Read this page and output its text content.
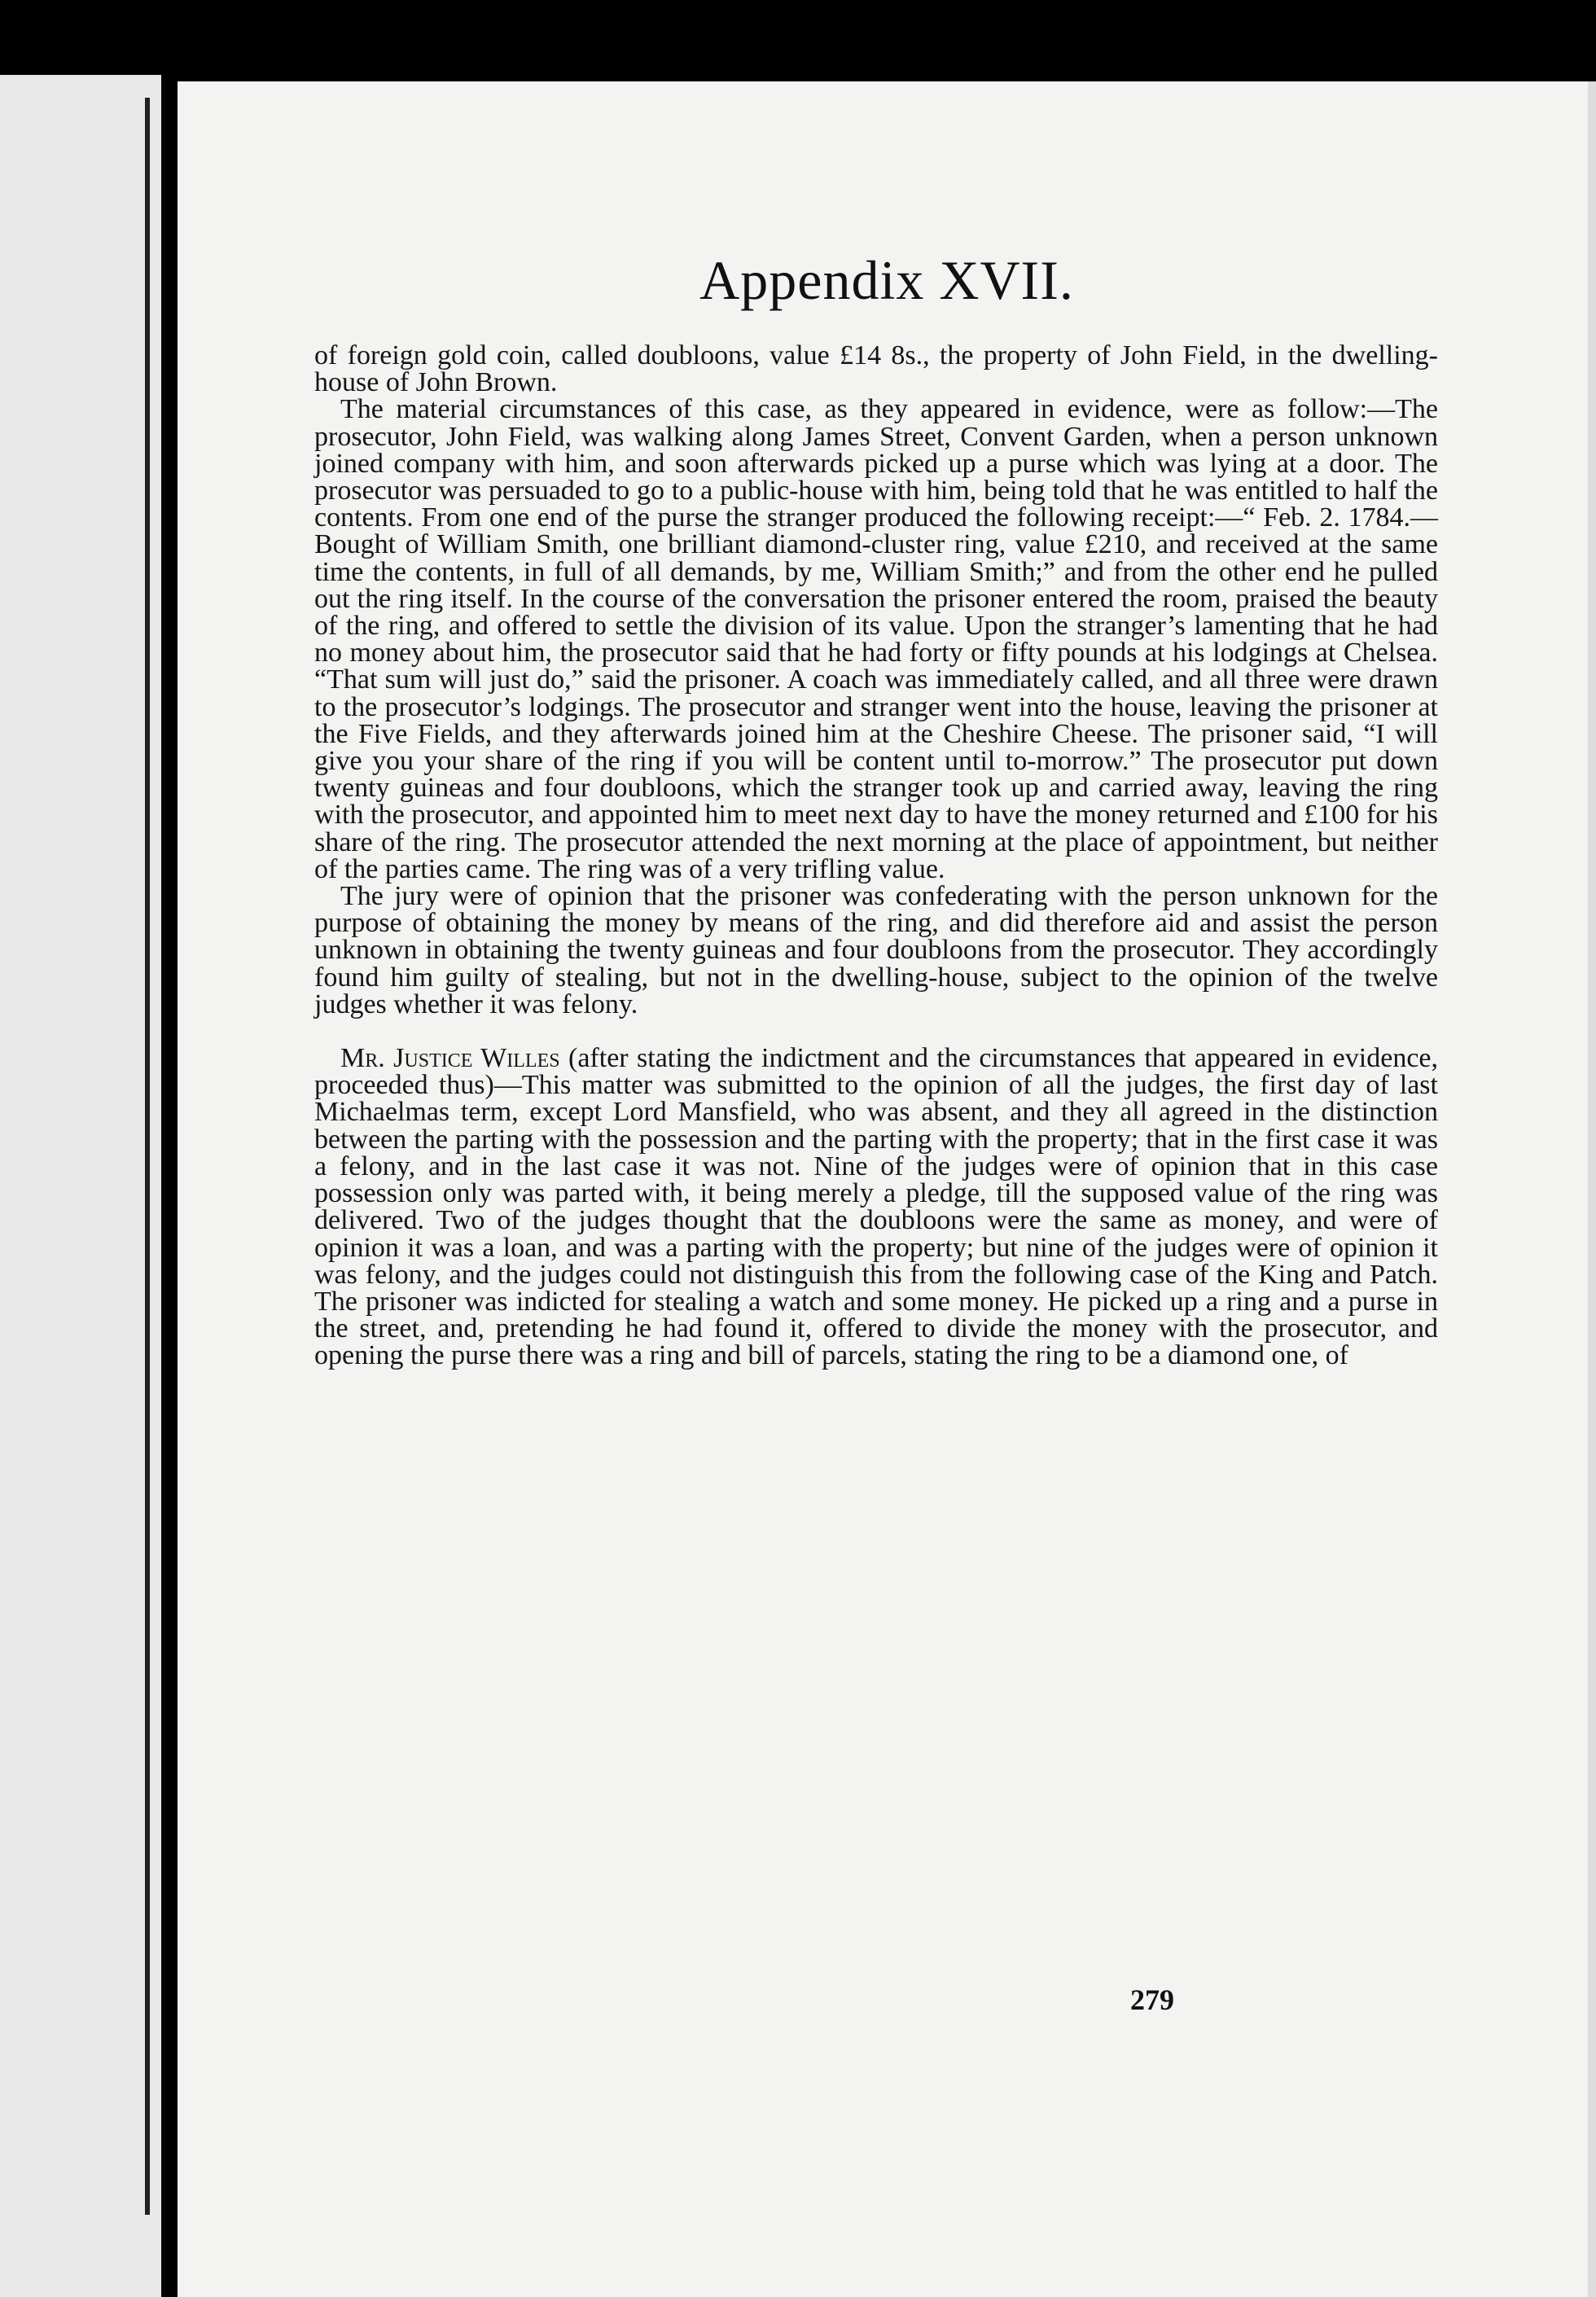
Appendix XVII.

of foreign gold coin, called doubloons, value £14 8s., the property of John Field, in the dwelling-house of John Brown.

The material circumstances of this case, as they appeared in evidence, were as follow:—The prosecutor, John Field, was walking along James Street, Convent Garden, when a person unknown joined company with him, and soon afterwards picked up a purse which was lying at a door. The prosecutor was persuaded to go to a public-house with him, being told that he was entitled to half the contents. From one end of the purse the stranger produced the following receipt:—“ Feb. 2. 1784.—Bought of William Smith, one brilliant diamond-cluster ring, value £210, and received at the same time the contents, in full of all demands, by me, William Smith;” and from the other end he pulled out the ring itself. In the course of the conversation the prisoner entered the room, praised the beauty of the ring, and offered to settle the division of its value. Upon the stranger’s lamenting that he had no money about him, the prosecutor said that he had forty or fifty pounds at his lodgings at Chelsea. “That sum will just do,” said the prisoner. A coach was immediately called, and all three were drawn to the prosecutor’s lodgings. The prosecutor and stranger went into the house, leaving the prisoner at the Five Fields, and they afterwards joined him at the Cheshire Cheese. The prisoner said, “I will give you your share of the ring if you will be content until to-morrow.” The prosecutor put down twenty guineas and four doubloons, which the stranger took up and carried away, leaving the ring with the prosecutor, and appointed him to meet next day to have the money returned and £100 for his share of the ring. The prosecutor attended the next morning at the place of appointment, but neither of the parties came. The ring was of a very trifling value.

The jury were of opinion that the prisoner was confederating with the person unknown for the purpose of obtaining the money by means of the ring, and did therefore aid and assist the person unknown in obtaining the twenty guineas and four doubloons from the prosecutor. They accordingly found him guilty of stealing, but not in the dwelling-house, subject to the opinion of the twelve judges whether it was felony.

Mr. Justice Willes (after stating the indictment and the circumstances that appeared in evidence, proceeded thus)—This matter was submitted to the opinion of all the judges, the first day of last Michaelmas term, except Lord Mansfield, who was absent, and they all agreed in the distinction between the parting with the possession and the parting with the property; that in the first case it was a felony, and in the last case it was not. Nine of the judges were of opinion that in this case possession only was parted with, it being merely a pledge, till the supposed value of the ring was delivered. Two of the judges thought that the doubloons were the same as money, and were of opinion it was a loan, and was a parting with the property; but nine of the judges were of opinion it was felony, and the judges could not distinguish this from the following case of the King and Patch. The prisoner was indicted for stealing a watch and some money. He picked up a ring and a purse in the street, and, pretending he had found it, offered to divide the money with the prosecutor, and opening the purse there was a ring and bill of parcels, stating the ring to be a diamond one, of

279
